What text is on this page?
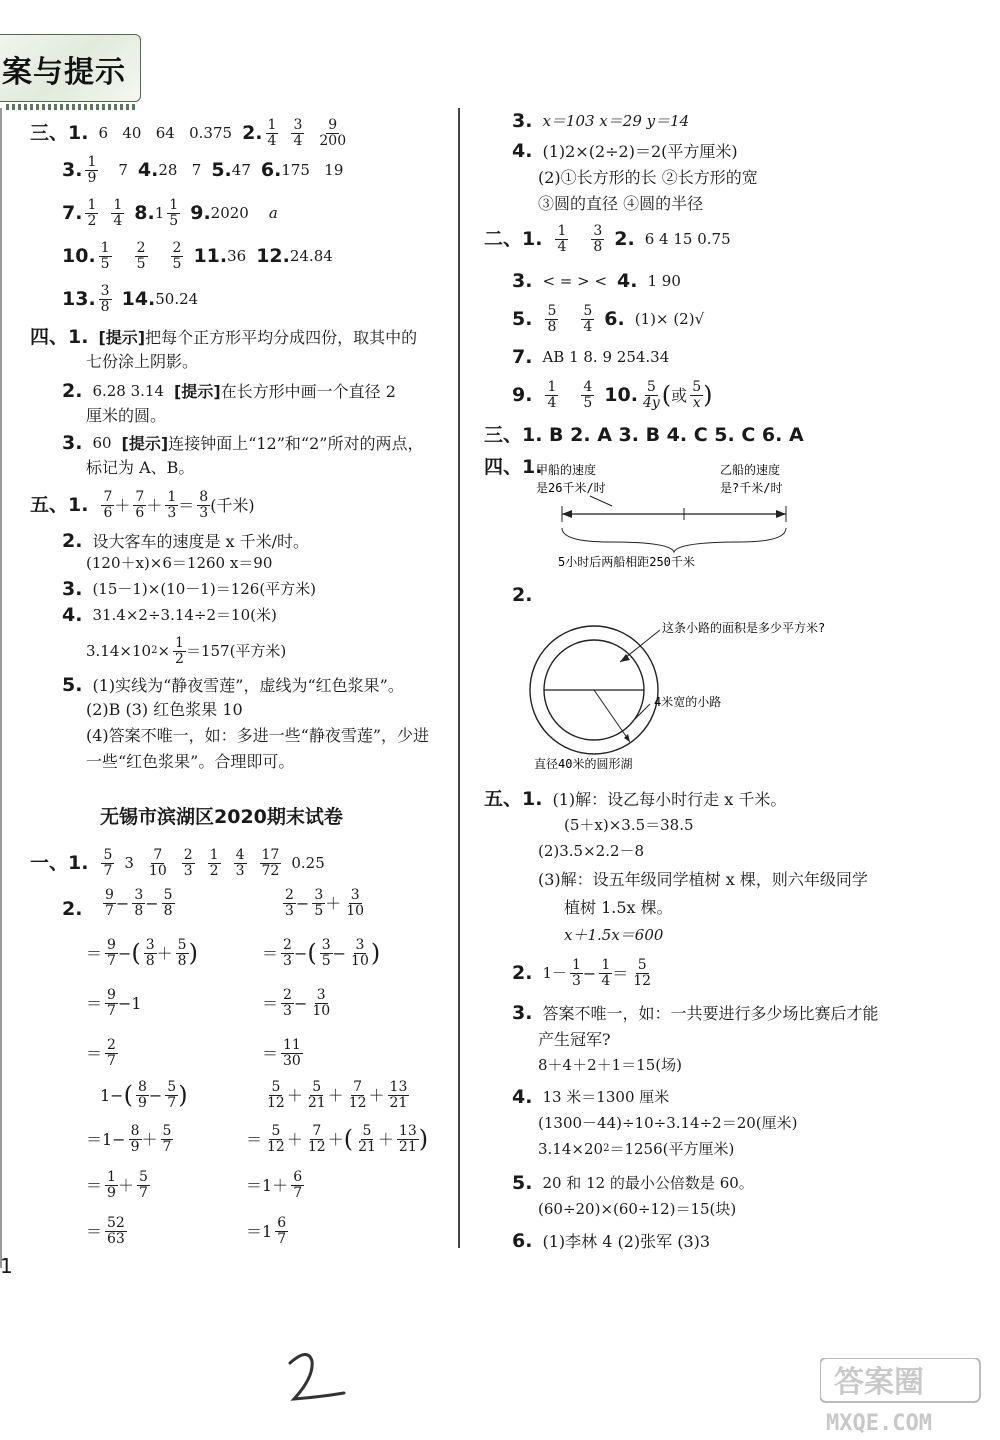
案与提示
三、1. 6 40 64 0.375 2. $\frac{1}{4} \frac{3}{4} \frac{9}{200}$
3. $\frac{1}{9} 7$ 4. 28 7 5. 47 6. 175 19
7. $\frac{1}{2} \frac{1}{4} 8$. $1 \frac{1}{5} 9$. 2020 a
10. $\frac{1}{5} \frac{2}{5} \frac{2}{5} 11$. 36 12. 24.84
13. $\frac{3}{8} 14$. 50.24
四、1. [提示] 把每个正方形平均分成四份，取其中的
七份涂上阴影。
2. 6.28 3.14 [提示] 在长方形中画一个直径 2
厘米的圆。
3. 60 [提示] 连接钟面上“12”和“2”所对的两点，
标记为 A、B。
五、1. $\frac{7}{6} + \frac{7}{6} + \frac{1}{3} = \frac{8}{3}$ (千米)
2. 设大客车的速度是 x 千米/时。
(120＋x)×6＝1260 x＝90
3. (15－1)×(10－1)＝126(平方米)
4. 31.4×2÷3.14÷2＝10(米)
3.14×10 $2 \times \frac{1}{2} =157$(平方米)
5. (1)实线为“静夜雪莲”，虚线为“红色浆果”。
(2)B (3) 红色浆果 10
(4)答案不唯一，如：多进一些“静夜雪莲”，少进
一些“红色浆果”。合理即可。
无锡市滨湖区2020期末试卷
一、1. $\frac{5}{7} 3 \frac{7}{10} \frac{2}{3} \frac{1}{2} \frac{4}{3} \frac{17}{72} 0.25$
2. $\frac{9}{7} - \frac{3}{8} - \frac{5}{8}$
＝ $\frac{9}{7}$ − ( $\frac{3}{8} + \frac{5}{8}$ )
＝ $\frac{9}{7} -1$
＝ $\frac{2}{7}$
1− ( $\frac{8}{9} - \frac{5}{7}$ )
$=1- \frac{8}{9} + \frac{5}{7}$
＝ $\frac{1}{9} + \frac{5}{7}$
＝ $\frac{52}{63}$
$\frac{2}{3} - \frac{3}{5} + \frac{3}{10}$
＝ $\frac{2}{3}$ − ( $\frac{3}{5} - \frac{3}{10}$ )
＝ $\frac{2}{3} - \frac{3}{10}$
＝ $\frac{11}{30}$
$\frac{5}{12} + \frac{5}{21} + \frac{7}{12} + \frac{13}{21}$
＝ $\frac{5}{12} + \frac{7}{12}$ ＋ ( $\frac{5}{21} + \frac{13}{21}$ )
$=1+ \frac{6}{7}$
$=1 \frac{6}{7}$
3. x＝103 x＝29 y＝14
4. (1)2×(2÷2)＝2(平方厘米)
(2)①长方形的长 ②长方形的宽
③圆的直径 ④圆的半径
二、1. $\frac{1}{4} \frac{3}{8} 2$. 6 4 15 0.75
3. < = > < 4. 1 90
5. $\frac{5}{8} \frac{5}{4} 6$. (1)× (2)√
7. AB 1 8. 9 254.34
9. $\frac{1}{4} \frac{4}{5} 10$. $\frac{5}{4y}$ ( 或 $\frac{5}{x}$ )
三、1. B 2. A 3. B 4. C 5. C 6. A
四、1.
甲船的速度
是26千米/时
乙船的速度
是?千米/时
5小时后两船相距250千米
2.
这条小路的面积是多少平方米?
4米宽的小路
直径40米的圆形湖
五、1. (1)解：设乙每小时行走 x 千米。
(5＋x)×3.5＝38.5
(2)3.5×2.2－8
(3)解：设五年级同学植树 x 棵，则六年级同学
植树 1.5x 棵。
x＋1.5x＝600
2. $1- \frac{1}{3} - \frac{1}{4} = \frac{5}{12}$
3. 答案不唯一，如：一共要进行多少场比赛后才能
产生冠军?
8＋4＋2＋1＝15(场)
4. 13 米＝1300 厘米
(1300－44)÷10÷3.14÷2＝20(厘米)
3.14×20 2 ＝1256(平方厘米)
5. 20 和 12 的最小公倍数是 60。
(60÷20)×(60÷12)＝15(块)
6. (1)李林 4 (2)张军 (3)3
1
答案圈
MXQE.COM
